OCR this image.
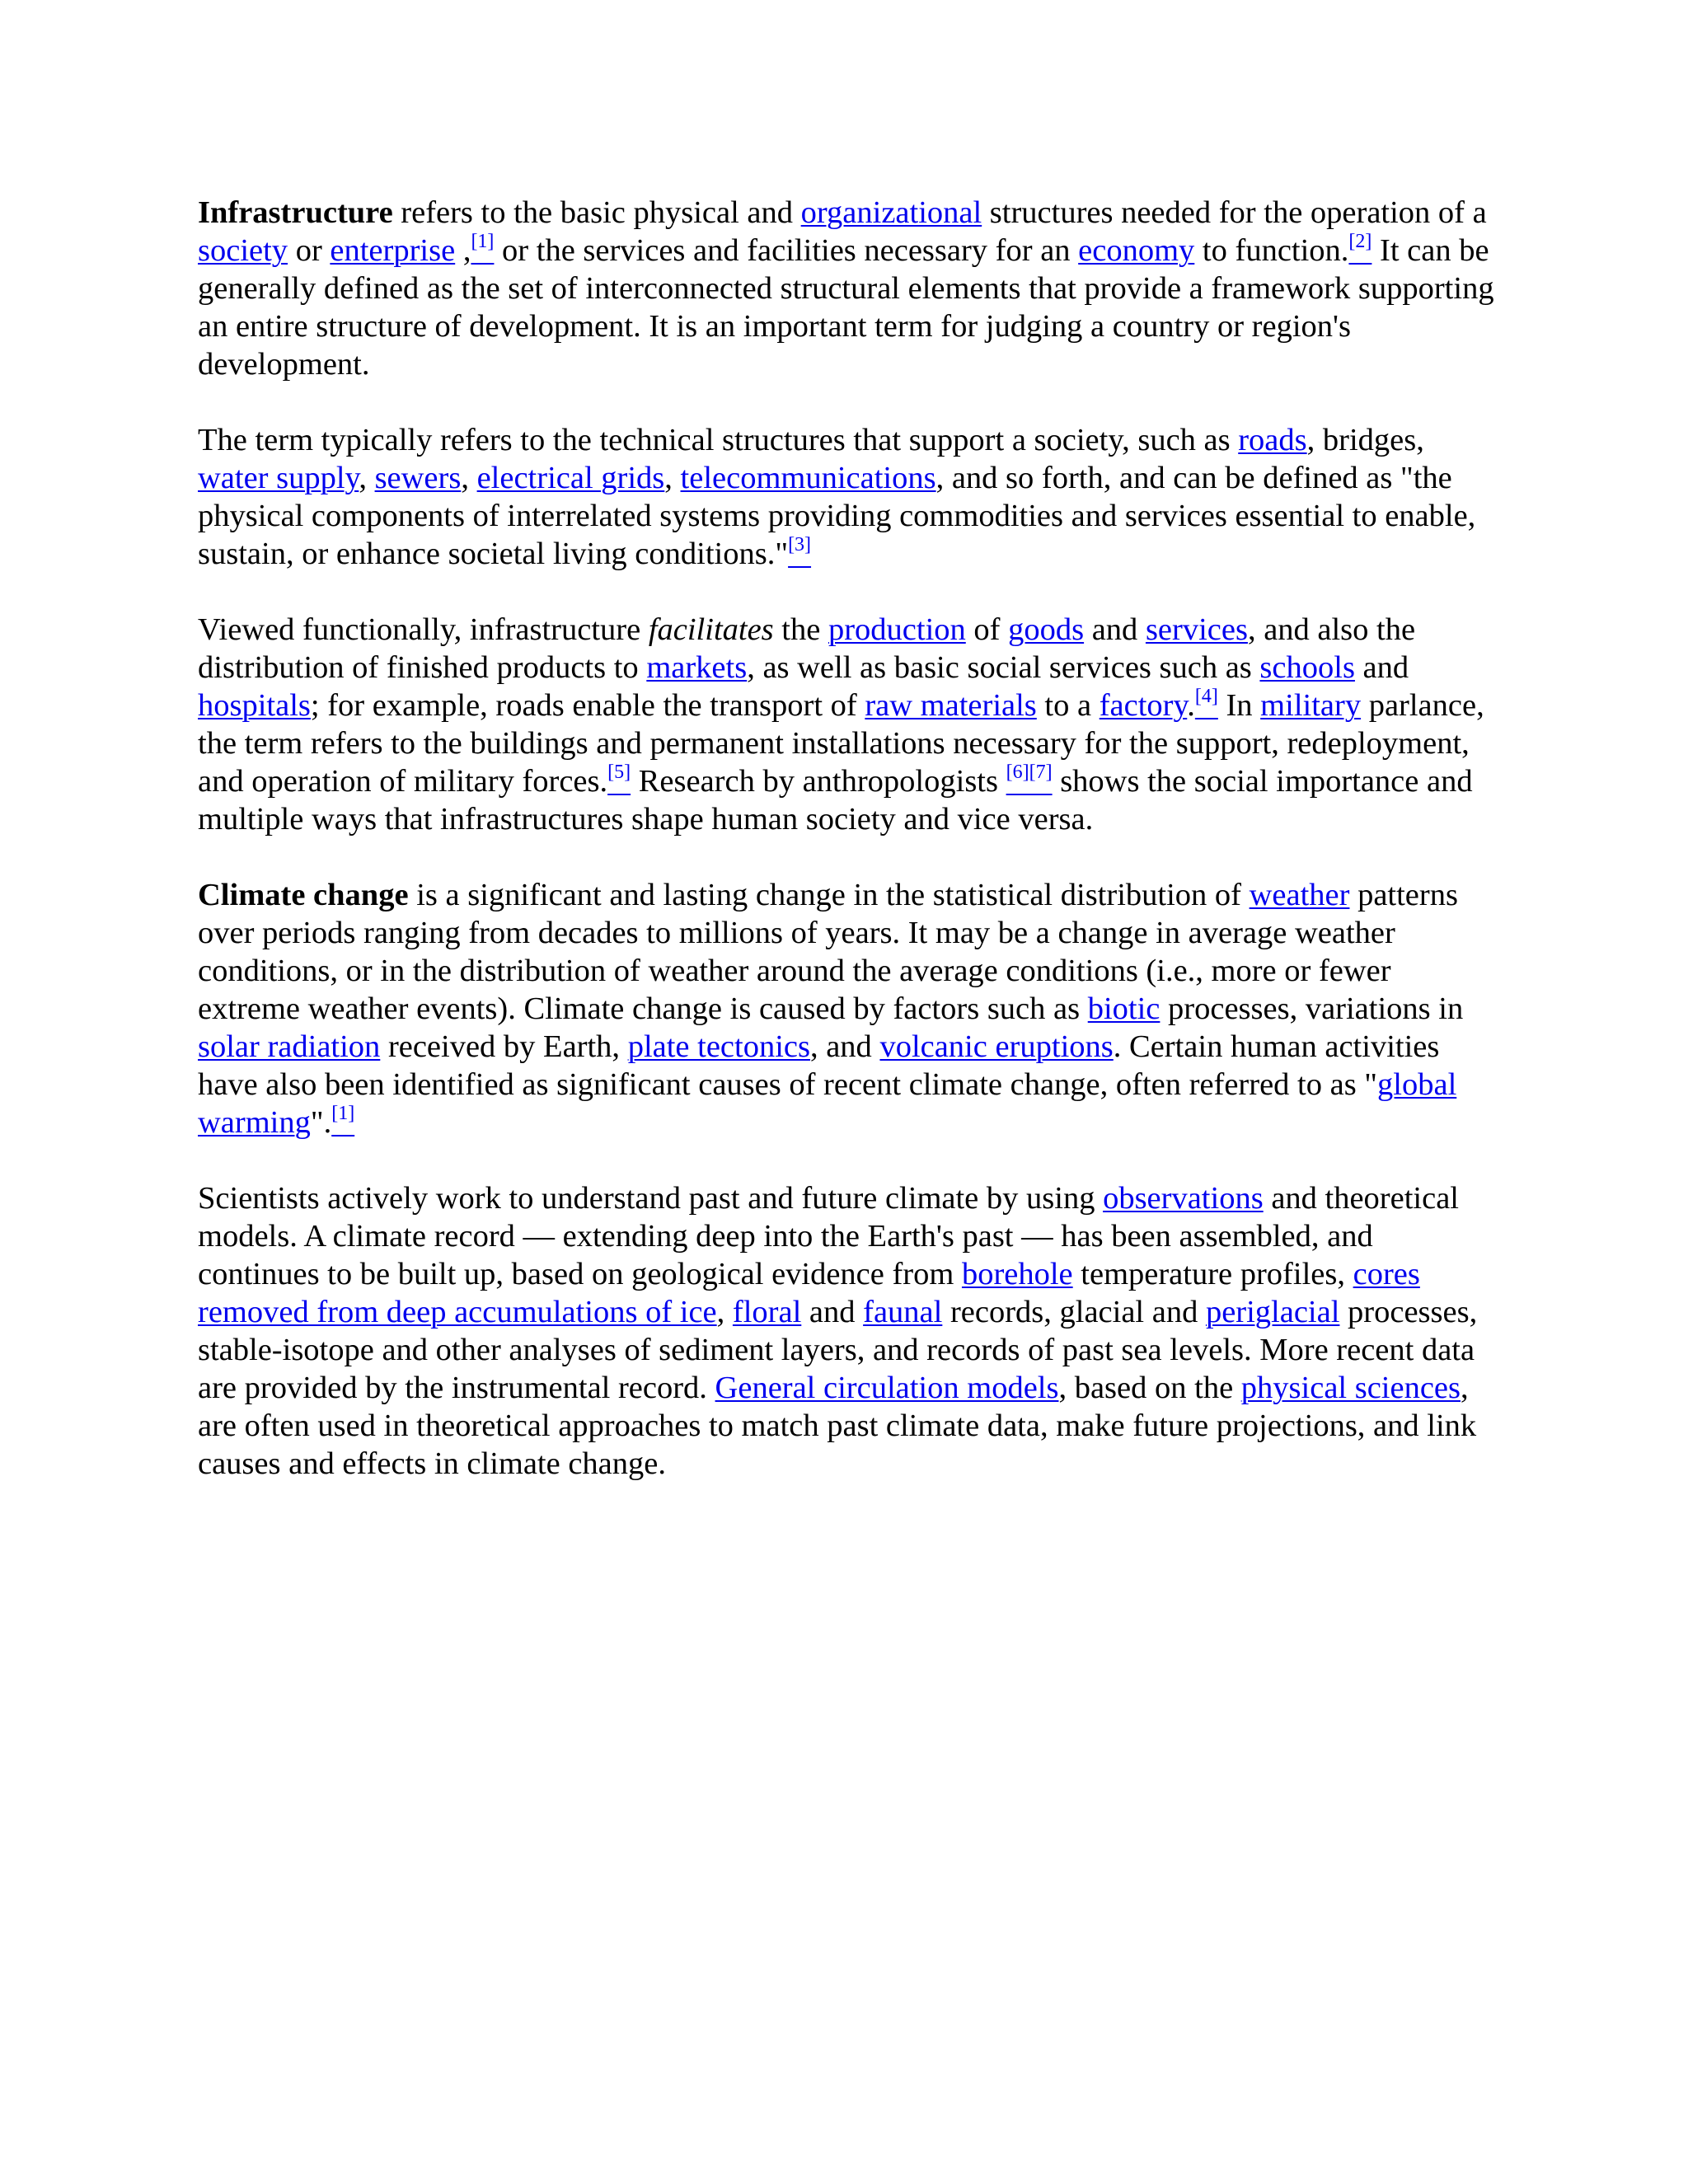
Infrastructure refers to the basic physical and organizational structures needed for the operation of a society or enterprise ,[1] or the services and facilities necessary for an economy to function.[2] It can be generally defined as the set of interconnected structural elements that provide a framework supporting an entire structure of development. It is an important term for judging a country or region's development.

The term typically refers to the technical structures that support a society, such as roads, bridges, water supply, sewers, electrical grids, telecommunications, and so forth, and can be defined as "the physical components of interrelated systems providing commodities and services essential to enable, sustain, or enhance societal living conditions."[3]

Viewed functionally, infrastructure facilitates the production of goods and services, and also the distribution of finished products to markets, as well as basic social services such as schools and hospitals; for example, roads enable the transport of raw materials to a factory.[4] In military parlance, the term refers to the buildings and permanent installations necessary for the support, redeployment, and operation of military forces.[5] Research by anthropologists [6][7] shows the social importance and multiple ways that infrastructures shape human society and vice versa.

Climate change is a significant and lasting change in the statistical distribution of weather patterns over periods ranging from decades to millions of years. It may be a change in average weather conditions, or in the distribution of weather around the average conditions (i.e., more or fewer extreme weather events). Climate change is caused by factors such as biotic processes, variations in solar radiation received by Earth, plate tectonics, and volcanic eruptions. Certain human activities have also been identified as significant causes of recent climate change, often referred to as "global warming".[1]

Scientists actively work to understand past and future climate by using observations and theoretical models. A climate record — extending deep into the Earth's past — has been assembled, and continues to be built up, based on geological evidence from borehole temperature profiles, cores removed from deep accumulations of ice, floral and faunal records, glacial and periglacial processes, stable-isotope and other analyses of sediment layers, and records of past sea levels. More recent data are provided by the instrumental record. General circulation models, based on the physical sciences, are often used in theoretical approaches to match past climate data, make future projections, and link causes and effects in climate change.
